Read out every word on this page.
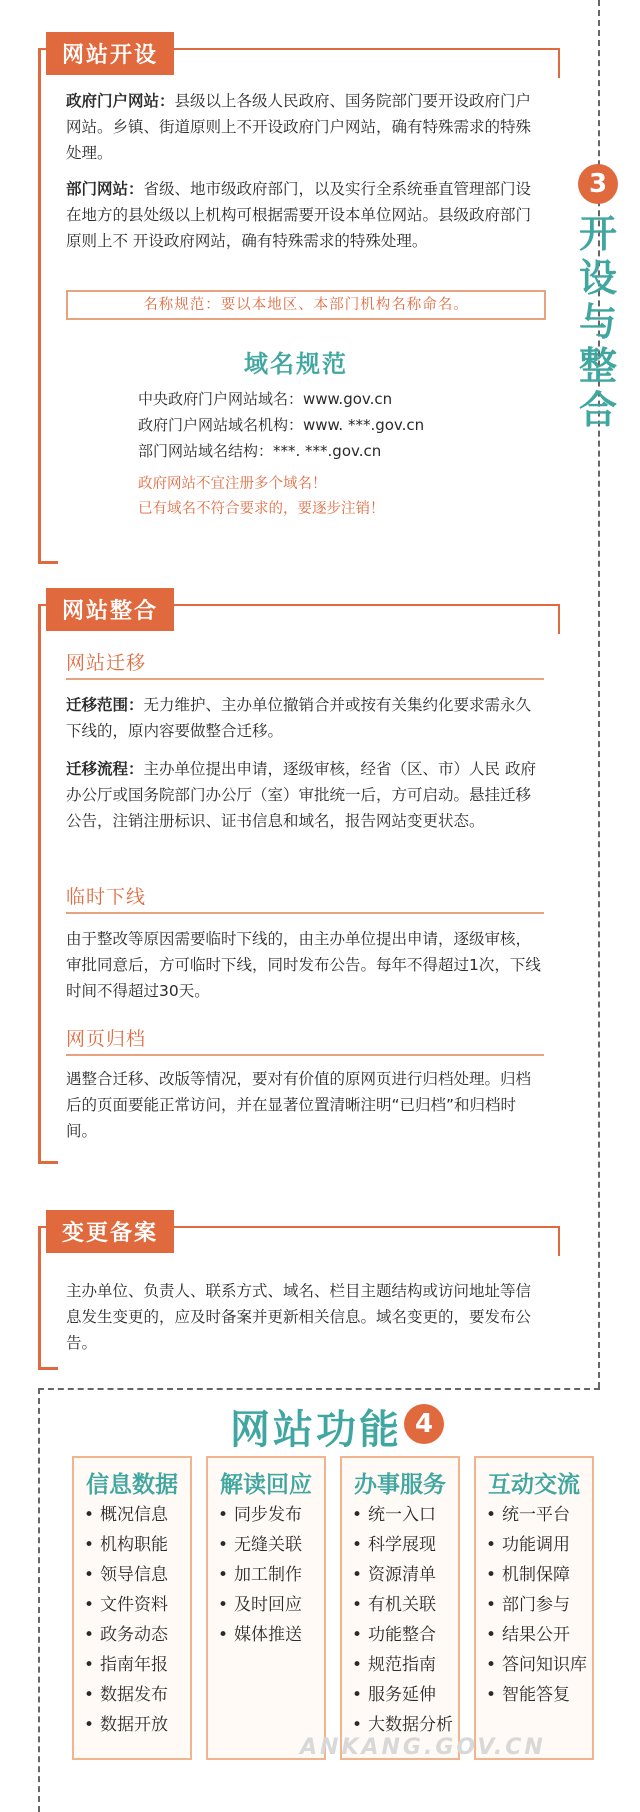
3
开
设
与
整
合
网站开设
政府门户网站：县级以上各级人民政府、国务院部门要开设政府门户网站。乡镇、街道原则上不开设政府门户网站，确有特殊需求的特殊处理。
部门网站：省级、地市级政府部门，以及实行全系统垂直管理部门设在地方的县处级以上机构可根据需要开设本单位网站。县级政府部门原则上不 开设政府网站，确有特殊需求的特殊处理。
名称规范：要以本地区、本部门机构名称命名。
域名规范
中央政府门户网站域名：www.gov.cn
政府门户网站域名机构：www. ***.gov.cn
部门网站域名结构：***. ***.gov.cn
政府网站不宜注册多个域名！
已有域名不符合要求的，要逐步注销！
网站整合
网站迁移
迁移范围：无力维护、主办单位撤销合并或按有关集约化要求需永久下线的，原内容要做整合迁移。
迁移流程：主办单位提出申请，逐级审核，经省（区、市）人民 政府办公厅或国务院部门办公厅（室）审批统一后，方可启动。悬挂迁移公告，注销注册标识、证书信息和域名，报告网站变更状态。
临时下线
由于整改等原因需要临时下线的，由主办单位提出申请，逐级审核，审批同意后，方可临时下线，同时发布公告。每年不得超过1次，下线时间不得超过30天。
网页归档
遇整合迁移、改版等情况，要对有价值的原网页进行归档处理。归档后的页面要能正常访问，并在显著位置清晰注明“已归档”和归档时间。
变更备案
主办单位、负责人、联系方式、域名、栏目主题结构或访问地址等信息发生变更的，应及时备案并更新相关信息。域名变更的，要发布公告。
网站功能 4
信息数据
• 概况信息
• 机构职能
• 领导信息
• 文件资料
• 政务动态
• 指南年报
• 数据发布
• 数据开放
解读回应
• 同步发布
• 无缝关联
• 加工制作
• 及时回应
• 媒体推送
办事服务
• 统一入口
• 科学展现
• 资源清单
• 有机关联
• 功能整合
• 规范指南
• 服务延伸
• 大数据分析
互动交流
• 统一平台
• 功能调用
• 机制保障
• 部门参与
• 结果公开
• 答问知识库
• 智能答复
ANKANG.GOV.CN
